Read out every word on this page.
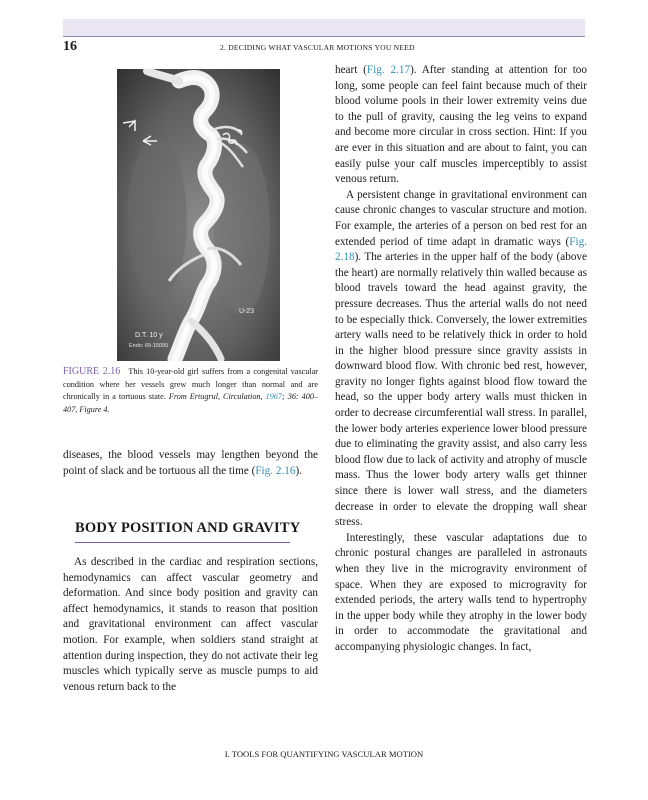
16	2. DECIDING WHAT VASCULAR MOTIONS YOU NEED
D.T. 10 y
Endo: 65-15095
U-23
FIGURE 2.16 This 10-year-old girl suffers from a congenital vascular condition where her vessels grew much longer than normal and are chronically in a tortuous state. From Ertugrul, Circulation, 1967; 36: 400–407, Figure 4.

diseases, the blood vessels may lengthen beyond the point of slack and be tortuous all the time (Fig. 2.16).

BODY POSITION AND GRAVITY

As described in the cardiac and respiration sections, hemodynamics can affect vascular geometry and deformation. And since body position and gravity can affect hemodynamics, it stands to reason that position and gravitational environment can affect vascular motion. For example, when soldiers stand straight at attention during inspection, they do not activate their leg muscles which typically serve as muscle pumps to aid venous return back to the

heart (Fig. 2.17). After standing at attention for too long, some people can feel faint because much of their blood volume pools in their lower extremity veins due to the pull of gravity, causing the leg veins to expand and become more circular in cross section. Hint: If you are ever in this situation and are about to faint, you can easily pulse your calf muscles imperceptibly to assist venous return.

A persistent change in gravitational environment can cause chronic changes to vascular structure and motion. For example, the arteries of a person on bed rest for an extended period of time adapt in dramatic ways (Fig. 2.18). The arteries in the upper half of the body (above the heart) are normally relatively thin walled because as blood travels toward the head against gravity, the pressure decreases. Thus the arterial walls do not need to be especially thick. Conversely, the lower extremities artery walls need to be relatively thick in order to hold in the higher blood pressure since gravity assists in downward blood flow. With chronic bed rest, however, gravity no longer fights against blood flow toward the head, so the upper body artery walls must thicken in order to decrease circumferential wall stress. In parallel, the lower body arteries experience lower blood pressure due to eliminating the gravity assist, and also carry less blood flow due to lack of activity and atrophy of muscle mass. Thus the lower body artery walls get thinner since there is lower wall stress, and the diameters decrease in order to elevate the dropping wall shear stress.

Interestingly, these vascular adaptations due to chronic postural changes are paralleled in astronauts when they live in the microgravity environment of space. When they are exposed to microgravity for extended periods, the artery walls tend to hypertrophy in the upper body while they atrophy in the lower body in order to accommodate the gravitational and accompanying physiologic changes. In fact,

I. TOOLS FOR QUANTIFYING VASCULAR MOTION
